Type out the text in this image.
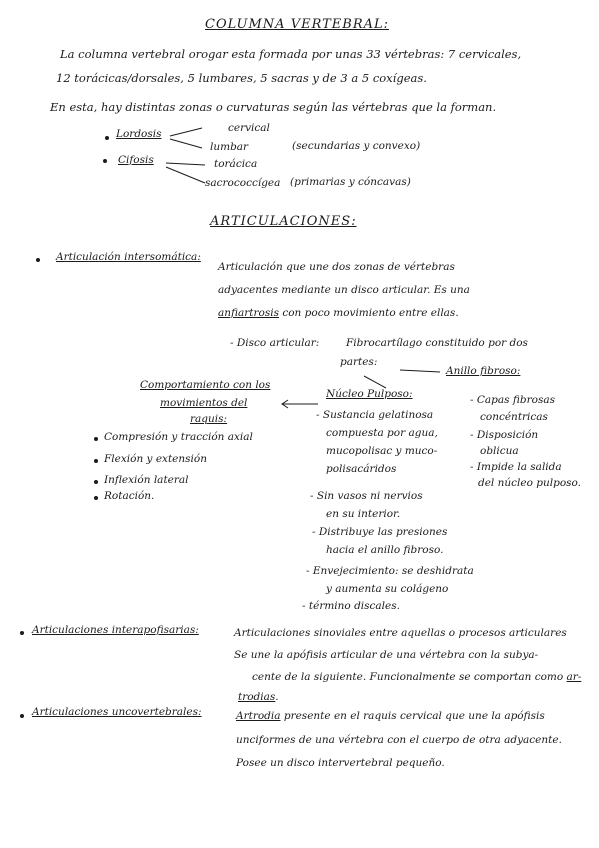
COLUMNA VERTEBRAL:
La columna vertebral orogar esta formada por unas 33 vértebras: 7 cervicales,
12 torácicas/dorsales, 5 lumbares, 5 sacras y de 3 a 5 coxígeas.
En esta, hay distintas zonas o curvaturas según las vértebras que la forman.
Lordosis	cervical
lumbar	(secundarias y convexo)
Cifosis	torácica
sacrococcígea (primarias y cóncavas)
ARTICULACIONES:
Articulación intersomática:
Articulación que une dos zonas de vértebras
adyacentes mediante un disco articular. Es una
anfiartrosis con poco movimiento entre ellas.
- Disco articular:	Fibrocartílago constituido por dos
partes:
Anillo fibroso:
Núcleo Pulposo:	- Capas fibrosas
concéntricas
- Disposición
oblicua
- Impide la salida
del núcleo pulposo.
- Sustancia gelatinosa
compuesta por agua,
mucopolisac y muco-
polisacáridos
- Sin vasos ni nervios
en su interior.
- Distribuye las presiones
hacia el anillo fibroso.
- Envejecimiento: se deshidrata
y aumenta su colágeno
- término discales.
Comportamiento con los
movimientos del
raquis:
Compresión y tracción axial
Flexión y extensión
Inflexión lateral
Rotación.
Articulaciones interapofisarias:	Articulaciones sinoviales entre aquellas o procesos articulares
Se une la apófisis articular de una vértebra con la subya-
cente de la siguiente. Funcionalmente se comportan como ar-
trodias.
Articulaciones uncovertebrales:	Artrodia presente en el raquis cervical que une la apófisis
unciformes de una vértebra con el cuerpo de otra adyacente.
Posee un disco intervertebral pequeño.
